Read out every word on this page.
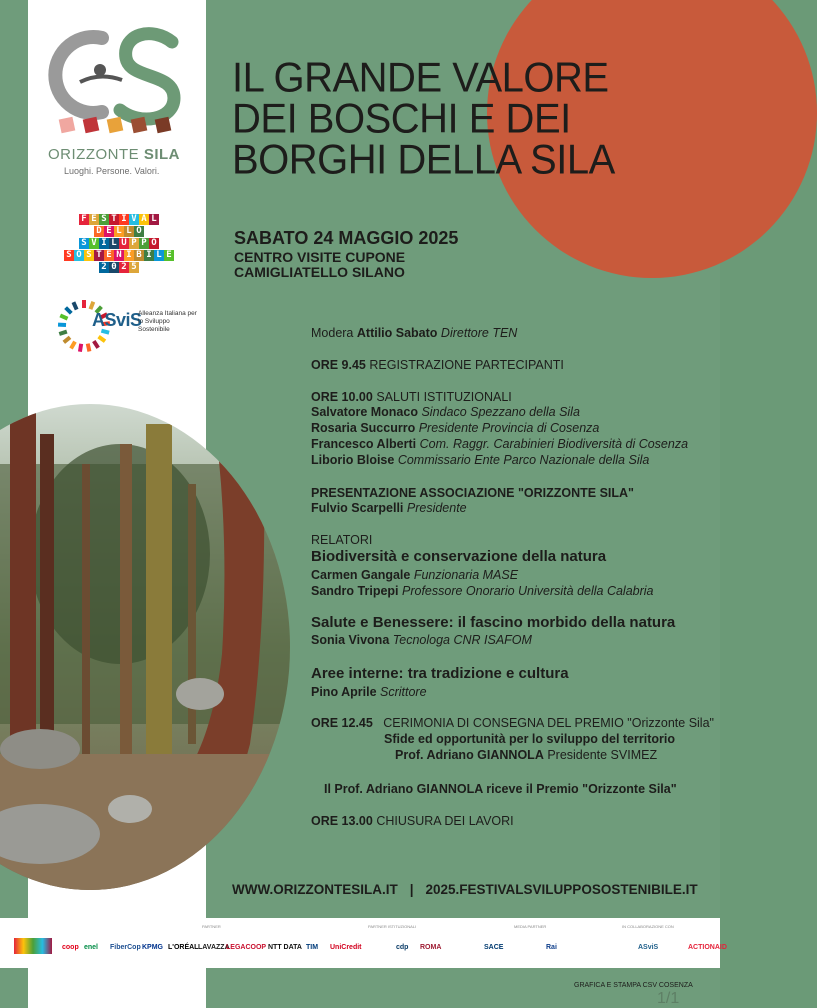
ORIZZONTE SILA
Luoghi. Persone. Valori.
F E S T I V A L
D E L L O
S V I L U P P O
S O S T E N I B I L E
2 0 2 5
ASviS
Alleanza Italiana per lo Sviluppo Sostenibile
IL GRANDE VALORE
DEI BOSCHI E DEI
BORGHI DELLA SILA
SABATO 24 MAGGIO 2025
CENTRO VISITE CUPONE
CAMIGLIATELLO SILANO
Modera Attilio Sabato Direttore TEN
ORE 9.45 REGISTRAZIONE PARTECIPANTI
ORE 10.00 SALUTI ISTITUZIONALI
Salvatore Monaco Sindaco Spezzano della Sila
Rosaria Succurro Presidente Provincia di Cosenza
Francesco Alberti Com. Raggr. Carabinieri Biodiversità di Cosenza
Liborio Bloise Commissario Ente Parco Nazionale della Sila
PRESENTAZIONE ASSOCIAZIONE "ORIZZONTE SILA"
Fulvio Scarpelli Presidente
RELATORI
Biodiversità e conservazione della natura
Carmen Gangale Funzionaria MASE
Sandro Tripepi Professore Onorario Università della Calabria
Salute e Benessere: il fascino morbido della natura
Sonia Vivona Tecnologa CNR ISAFOM
Aree interne: tra tradizione e cultura
Pino Aprile Scrittore
ORE 12.45 CERIMONIA DI CONSEGNA DEL PREMIO "Orizzonte Sila"
Sfide ed opportunità per lo sviluppo del territorio
Prof. Adriano GIANNOLA Presidente SVIMEZ
Il Prof. Adriano GIANNOLA riceve il Premio "Orizzonte Sila"
ORE 13.00 CHIUSURA DEI LAVORI
WWW.ORIZZONTESILA.IT | 2025.FESTIVALSVILUPPOSOSTENIBILE.IT
PARTNER	PARTNER ISTITUZIONALI	MEDIA PARTNER	IN COLLABORAZIONE CON
coop enel FiberCop KPMG L'ORÉAL LAVAZZA
LEGACOOP NTT DATA TIM UniCredit	cdp ROMA	SACE	Rai	ASviS	ACTIONAID
GRAFICA E STAMPA CSV COSENZA
1/1
